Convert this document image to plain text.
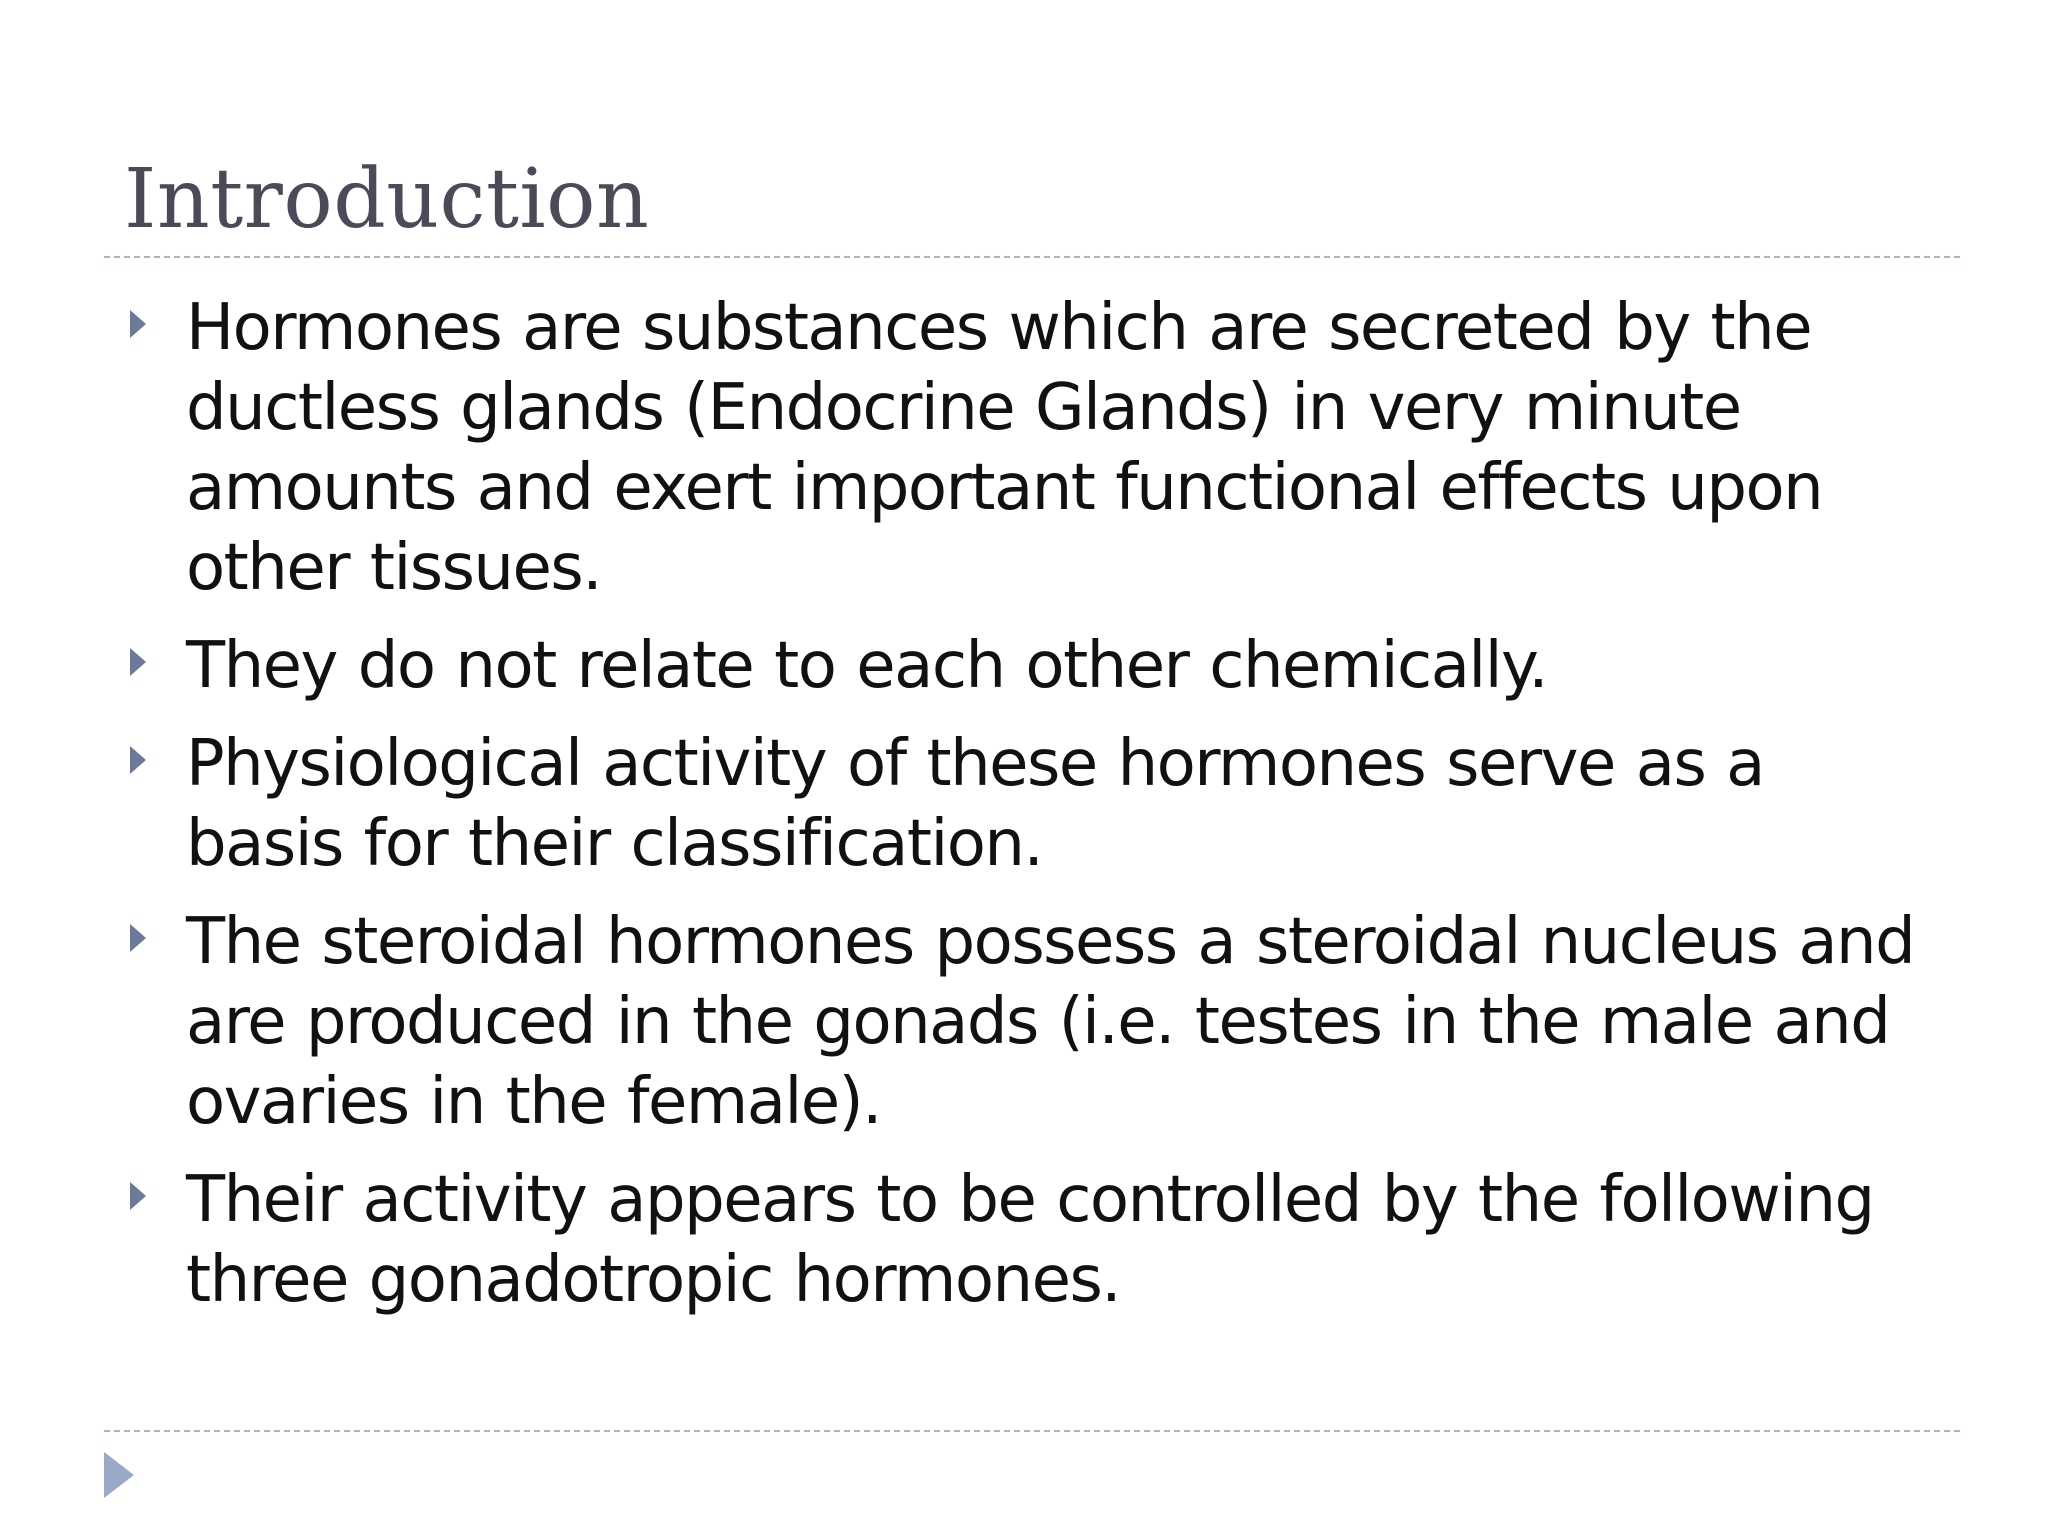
Introduction
Hormones are substances which are secreted by the ductless glands (Endocrine Glands) in very minute amounts and exert important functional effects upon other tissues.
They do not relate to each other chemically.
Physiological activity of these hormones serve as a basis for their classification.
The steroidal hormones possess a steroidal nucleus and are produced in the gonads (i.e. testes in the male and ovaries in the female).
Their activity appears to be controlled by the following three gonadotropic hormones.
